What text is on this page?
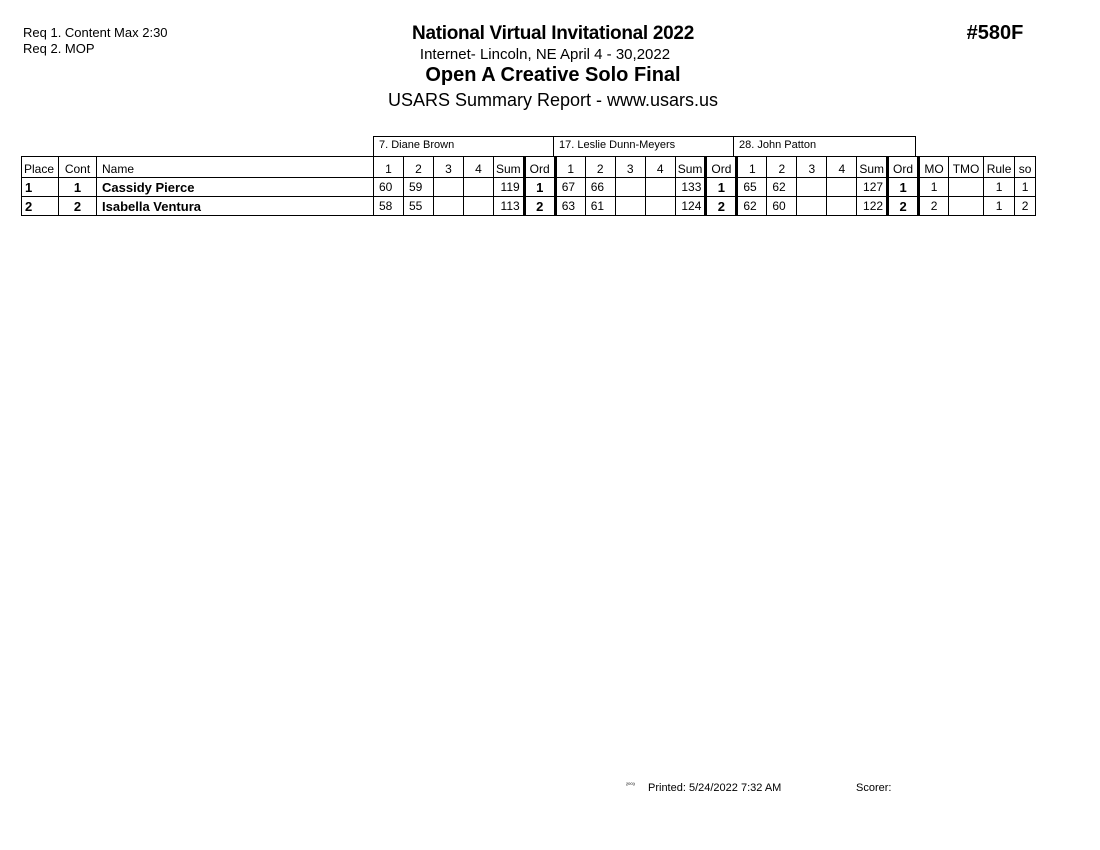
Req 1. Content Max 2:30
Req 2. MOP
National Virtual Invitational 2022
Internet- Lincoln, NE April 4 - 30,2022
Open A Creative Solo Final
USARS Summary Report - www.usars.us
#580F
7. Diane Brown	17. Leslie Dunn-Meyers	28. John Patton
Place	Cont	Name	1	2	3	4	Sum	Ord	1	2	3	4	Sum	Ord	1	2	3	4	Sum	Ord	MO	TMO	Rule	so
1	1	Cassidy Pierce	60	59			119	1	67	66			133	1	65	62			127	1	1		1	1
2	2	Isabella Ventura	58	55			113	2	63	61			124	2	62	60			122	2	2		1	2
²⁰⁰³ Printed: 5/24/2022 7:32 AM	Scorer:
